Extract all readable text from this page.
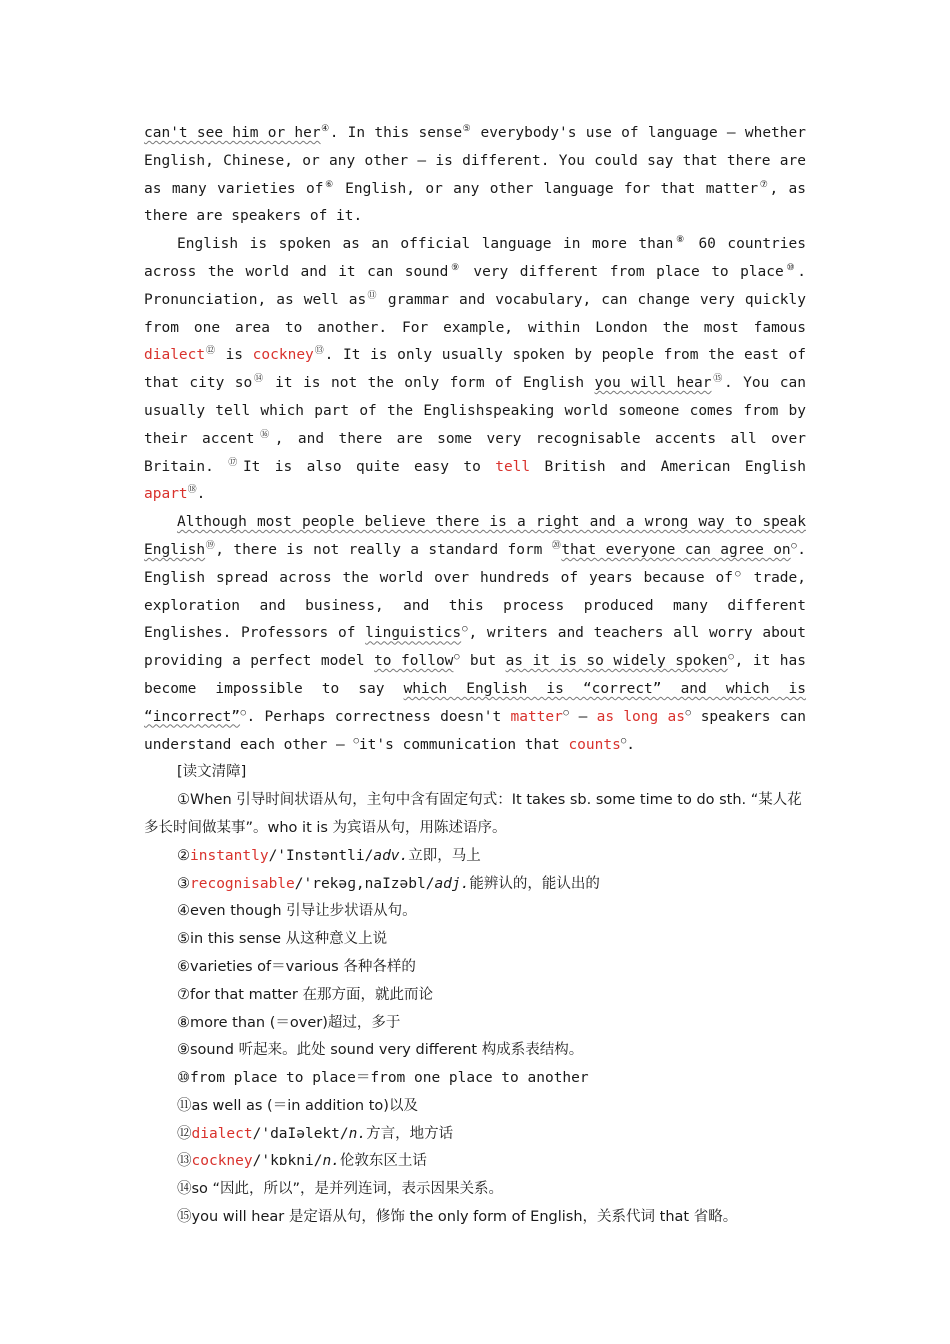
can't see him or her④. In this sense⑤ everybody's use of language — whether English, Chinese, or any other — is different. You could say that there are as many varieties of⑥ English, or any other language for that matter⑦, as there are speakers of it.

English is spoken as an official language in more than⑧ 60 countries across the world and it can sound⑨ very different from place to place⑩. Pronunciation, as well as⑪ grammar and vocabulary, can change very quickly from one area to another. For example, within London the most famous dialect⑫ is cockney⑬. It is only usually spoken by people from the east of that city so⑭ it is not the only form of English you will hear⑮. You can usually tell which part of the Englishspeaking world someone comes from by their accent⑯, and there are some very recognisable accents all over Britain. ⑰It is also quite easy to tell British and American English apart⑱.

Although most people believe there is a right and a wrong way to speak English⑲, there is not really a standard form ⑳that everyone can agree on○. English spread across the world over hundreds of years because of○ trade, exploration and business, and this process produced many different Englishes. Professors of linguistics○, writers and teachers all worry about providing a perfect model to follow○ but as it is so widely spoken○, it has become impossible to say which English is “correct” and which is “incorrect”○. Perhaps correctness doesn't matter○ — as long as○ speakers can understand each other — ○it's communication that counts○.

[读文清障]

①When 引导时间状语从句，主句中含有固定句式：It takes sb. some time to do sth. “某人花多长时间做某事”。who it is 为宾语从句，用陈述语序。

②instantly/'Instəntli/adv.立即，马上

③recognisable/'rekəɡ,naIzəbl/adj.能辨认的，能认出的

④even though 引导让步状语从句。

⑤in this sense 从这种意义上说

⑥varieties of＝various 各种各样的

⑦for that matter 在那方面，就此而论

⑧more than (＝over)超过，多于

⑨sound 听起来。此处 sound very different 构成系表结构。

⑩from place to place＝from one place to another

⑪as well as (＝in addition to)以及

⑫dialect/'daIəlekt/n.方言，地方话

⑬cockney/'kɒkni/n.伦敦东区土话

⑭so “因此，所以”，是并列连词，表示因果关系。

⑮you will hear 是定语从句，修饰 the only form of English，关系代词 that 省略。
